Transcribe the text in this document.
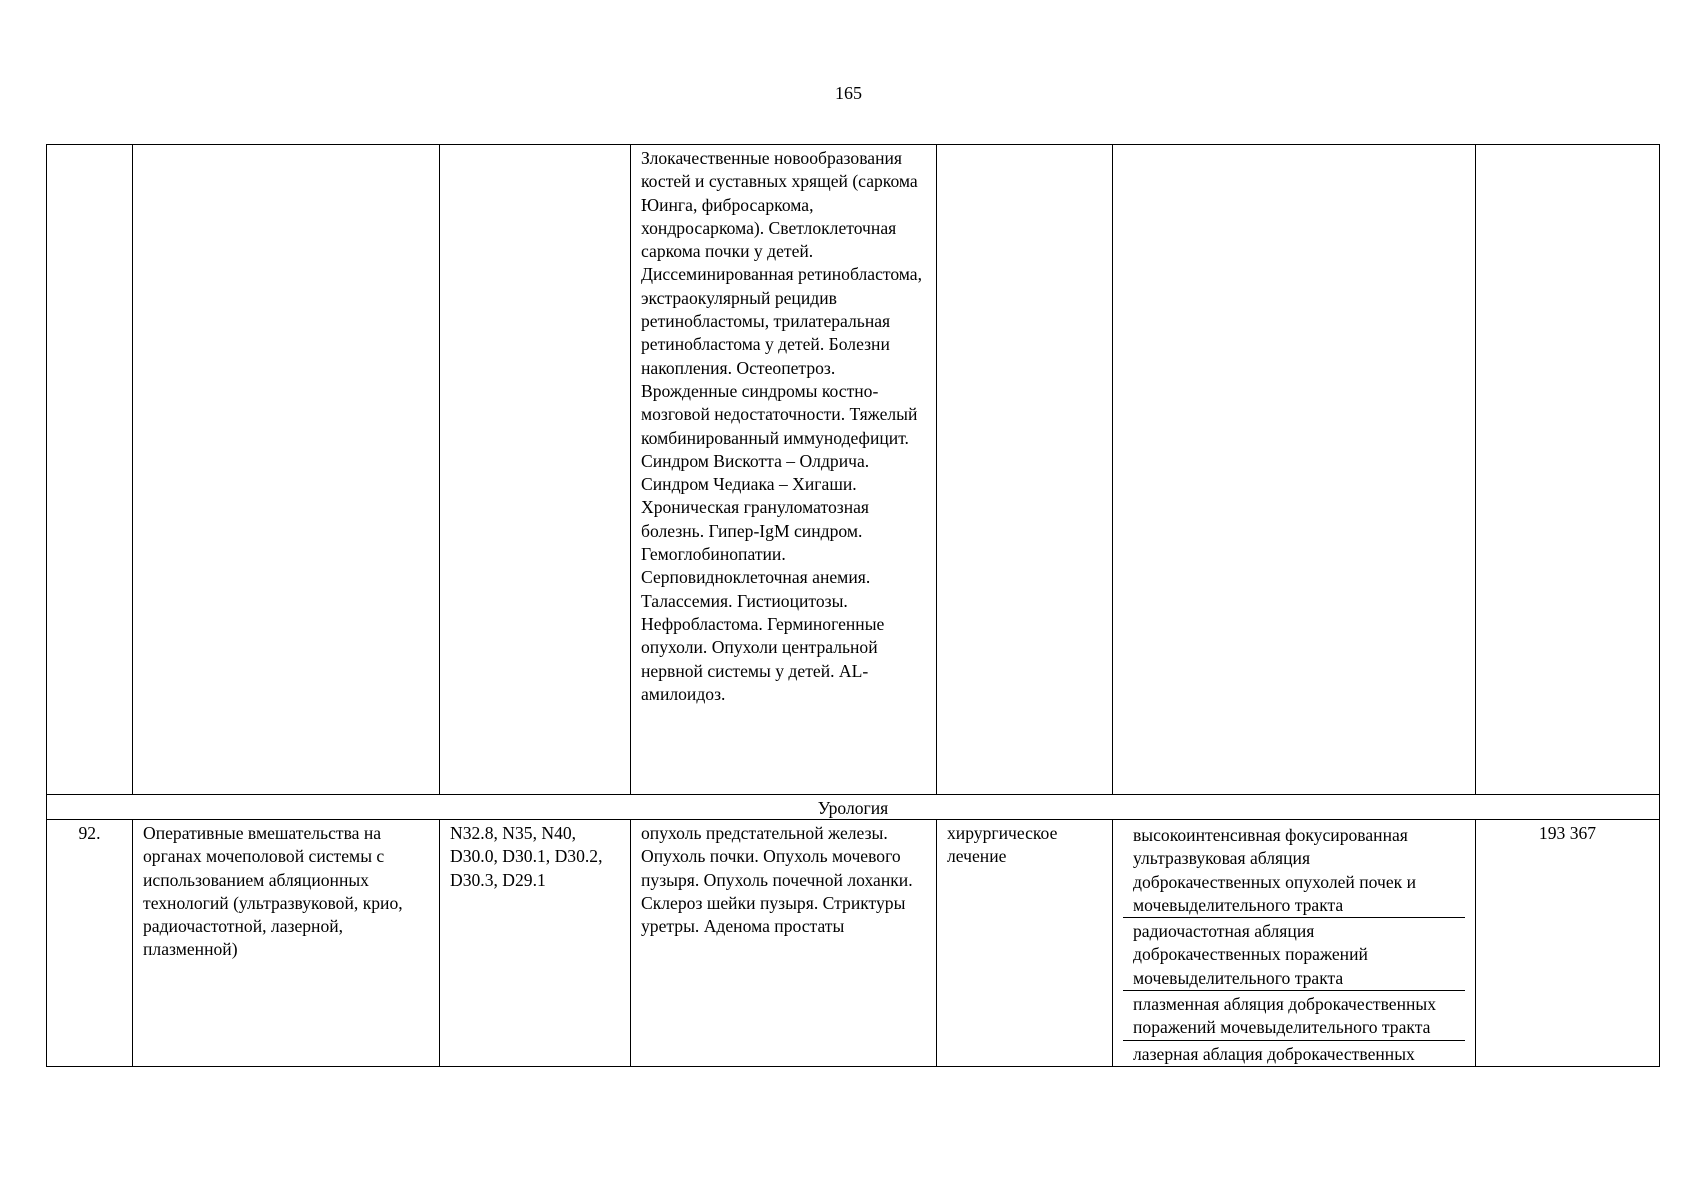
165

			Злокачественные новообразования костей и суставных хрящей (саркома Юинга, фибросаркома, хондросаркома). Светлоклеточная саркома почки у детей. Диссеминированная ретинобластома, экстраокулярный рецидив ретинобластомы, трилатеральная ретинобластома у детей. Болезни накопления. Остеопетроз. Врожденные синдромы костно-мозговой недостаточности. Тяжелый комбинированный иммунодефицит. Синдром Вискотта – Олдрича. Синдром Чедиака – Хигаши. Хроническая грануломатозная болезнь. Гипер-IgM синдром. Гемоглобинопатии. Серповидноклеточная анемия. Талассемия. Гистиоцитозы. Нефробластома. Герминогенные опухоли. Опухоли центральной нервной системы у детей. AL-амилоидоз.			

Урология						
92.	Оперативные вмешательства на органах мочеполовой системы с использованием абляционных технологий (ультразвуковой, крио, радиочастотной, лазерной, плазменной)	N32.8, N35, N40, D30.0, D30.1, D30.2, D30.3, D29.1	опухоль предстательной железы. Опухоль почки. Опухоль мочевого пузыря. Опухоль почечной лоханки. Склероз шейки пузыря. Стриктуры уретры. Аденома простаты	хирургическое лечение	высокоинтенсивная фокусированная ультразвуковая абляция доброкачественных опухолей почек и мочевыделительного тракта
радиочастотная абляция доброкачественных поражений мочевыделительного тракта
плазменная абляция доброкачественных поражений мочевыделительного тракта
лазерная аблация доброкачественных	193 367
